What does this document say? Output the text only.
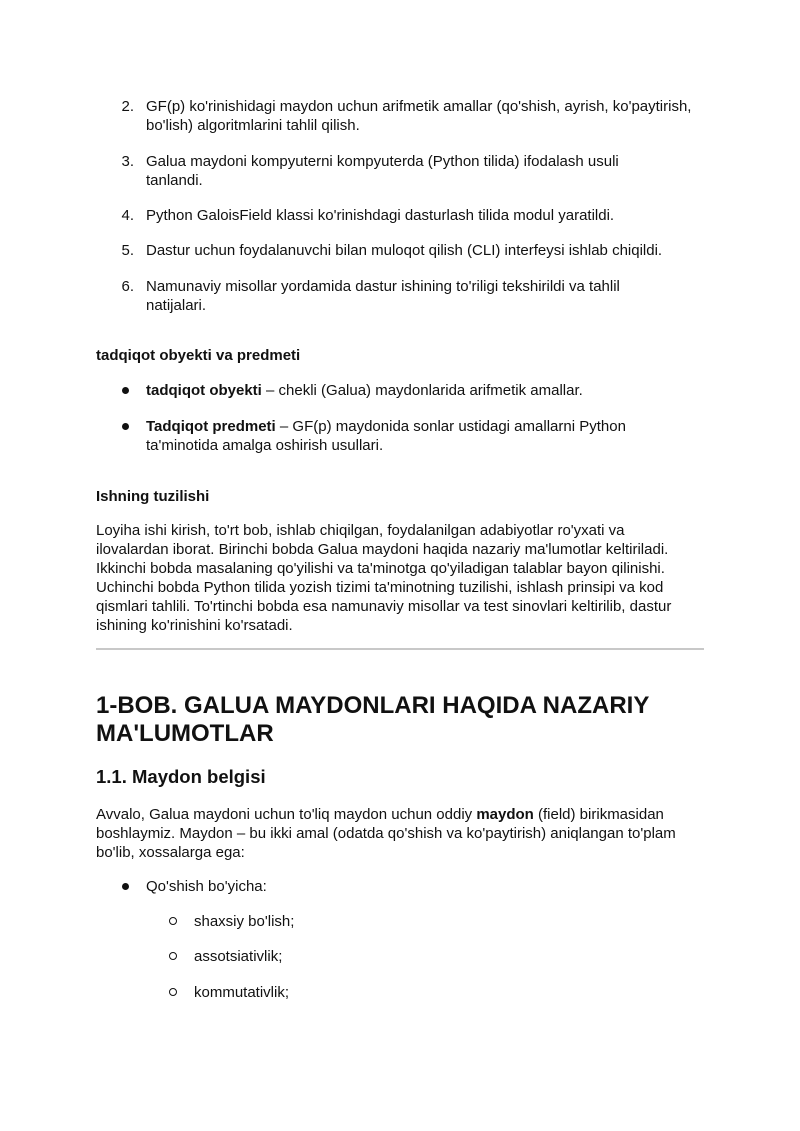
2. GF(p) ko'rinishidagi maydon uchun arifmetik amallar (qo'shish, ayrish, ko'paytirish, bo'lish) algoritmlarini tahlil qilish.
3. Galua maydoni kompyuterni kompyuterda (Python tilida) ifodalash usuli tanlandi.
4. Python GaloisField klassi ko'rinishdagi dasturlash tilida modul yaratildi.
5. Dastur uchun foydalanuvchi bilan muloqot qilish (CLI) interfeysi ishlab chiqildi.
6. Namunaviy misollar yordamida dastur ishining to'riligi tekshirildi va tahlil natijalari.
tadqiqot obyekti va predmeti
tadqiqot obyekti – chekli (Galua) maydonlarida arifmetik amallar.
Tadqiqot predmeti – GF(p) maydonida sonlar ustidagi amallarni Python ta'minotida amalga oshirish usullari.
Ishning tuzilishi
Loyiha ishi kirish, to'rt bob, ishlab chiqilgan, foydalanilgan adabiyotlar ro'yxati va ilovalardan iborat. Birinchi bobda Galua maydoni haqida nazariy ma'lumotlar keltiriladi. Ikkinchi bobda masalaning qo'yilishi va ta'minotga qo'yiladigan talablar bayon qilinishi. Uchinchi bobda Python tilida yozish tizimi ta'minotning tuzilishi, ishlash prinsipi va kod qismlari tahlili. To'rtinchi bobda esa namunaviy misollar va test sinovlari keltirilib, dastur ishining ko'rinishini ko'rsatadi.
1-BOB. GALUA MAYDONLARI HAQIDA NAZARIY MA'LUMOTLAR
1.1. Maydon belgisi
Avvalo, Galua maydoni uchun to'liq maydon uchun oddiy maydon (field) birikmasidan boshlaymiz. Maydon – bu ikki amal (odatda qo'shish va ko'paytirish) aniqlangan to'plam bo'lib, xossalarga ega:
Qo'shish bo'yicha:
shaxsiy bo'lish;
assotsiativlik;
kommutativlik;
